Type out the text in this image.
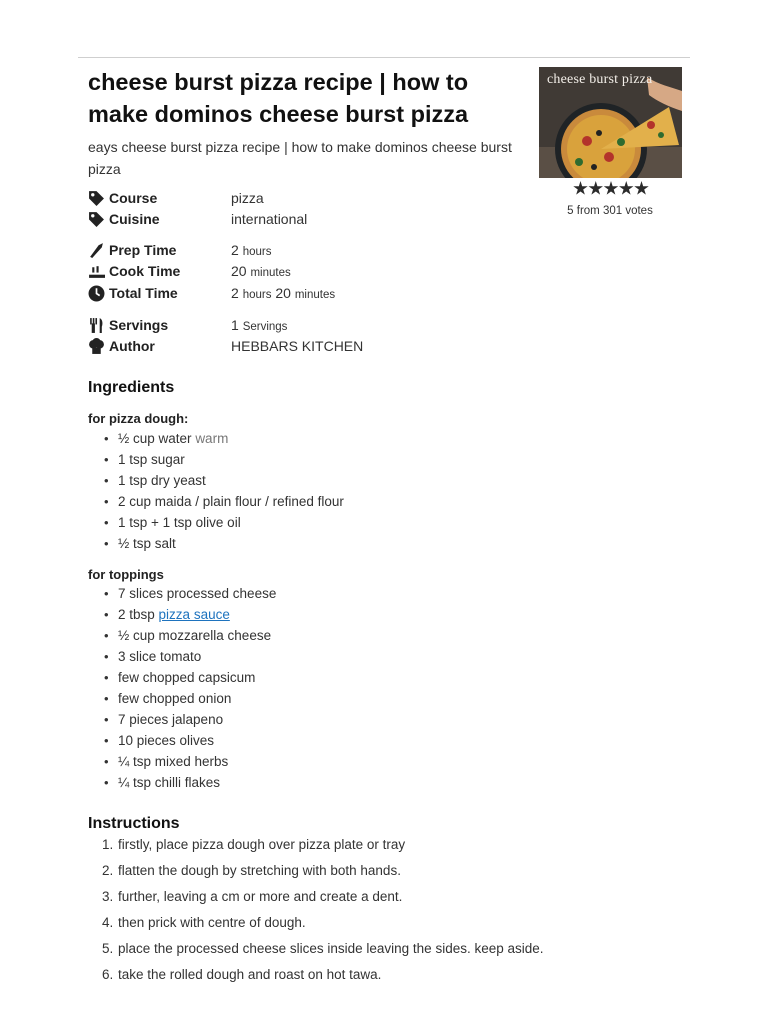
cheese burst pizza recipe | how to make dominos cheese burst pizza

eays cheese burst pizza recipe | how to make dominos cheese burst pizza

cheese burst pizza
5 from 301 votes
Course	pizza
Cuisine	international
Prep Time	2 hours
Cook Time	20 minutes
Total Time	2 hours 20 minutes
Servings	1 Servings
Author	HEBBARS KITCHEN
Ingredients
for pizza dough:
• ½ cup water warm
• 1 tsp sugar
• 1 tsp dry yeast
• 2 cup maida / plain flour / refined flour
• 1 tsp + 1 tsp olive oil
• ½ tsp salt
for toppings
• 7 slices processed cheese
• 2 tbsp pizza sauce
• ½ cup mozzarella cheese
• 3 slice tomato
• few chopped capsicum
• few chopped onion
• 7 pieces jalapeno
• 10 pieces olives
• ¼ tsp mixed herbs
• ¼ tsp chilli flakes
Instructions
1. firstly, place pizza dough over pizza plate or tray
2. flatten the dough by stretching with both hands.
3. further, leaving a cm or more and create a dent.
4. then prick with centre of dough.
5. place the processed cheese slices inside leaving the sides. keep aside.
6. take the rolled dough and roast on hot tawa.
